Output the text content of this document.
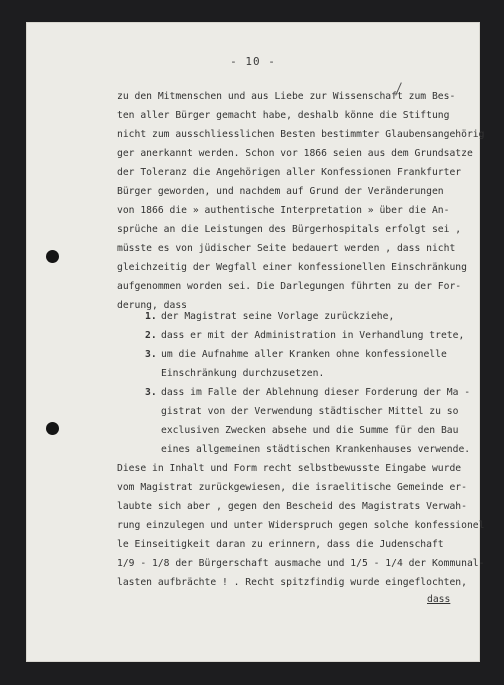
- 10 -
zu den Mitmenschen und aus Liebe zur Wissenschaft zum Bes-
ten aller Bürger gemacht habe, deshalb könne die Stiftung
nicht zum ausschliesslichen Besten bestimmter Glaubensangehörig
ger anerkannt werden. Schon vor 1866 seien aus dem Grundsatze
der Toleranz die Angehörigen aller Konfessionen Frankfurter
Bürger geworden, und nachdem auf Grund der Veränderungen
von 1866 die » authentische Interpretation » über die An-
sprüche an die Leistungen des Bürgerhospitals erfolgt sei ,
müsste es von jüdischer Seite bedauert werden , dass nicht
gleichzeitig der Wegfall einer konfessionellen Einschränkung
aufgenommen worden sei. Die Darlegungen führten zu der For-
derung, dass
1. der Magistrat seine Vorlage zurückziehe,
2. dass er mit der Administration in Verhandlung trete,
3. um die Aufnahme aller Kranken ohne konfessionelle
Einschränkung durchzusetzen.
3. dass im Falle der Ablehnung dieser Forderung der Ma -
gistrat von der Verwendung städtischer Mittel zu so
exclusiven Zwecken absehe und die Summe für den Bau
eines allgemeinen städtischen Krankenhauses verwende.
Diese in Inhalt und Form recht selbstbewusste Eingabe wurde
vom Magistrat zurückgewiesen, die israelitische Gemeinde er-
laubte sich aber , gegen den Bescheid des Magistrats Verwah-
rung einzulegen und unter Widerspruch gegen solche konfessionel
le Einseitigkeit daran zu erinnern, dass die Judenschaft
1/9 - 1/8 der Bürgerschaft ausmache und 1/5 - 1/4 der Kommunal-
lasten aufbrächte ! . Recht spitzfindig wurde eingeflochten,
dass
